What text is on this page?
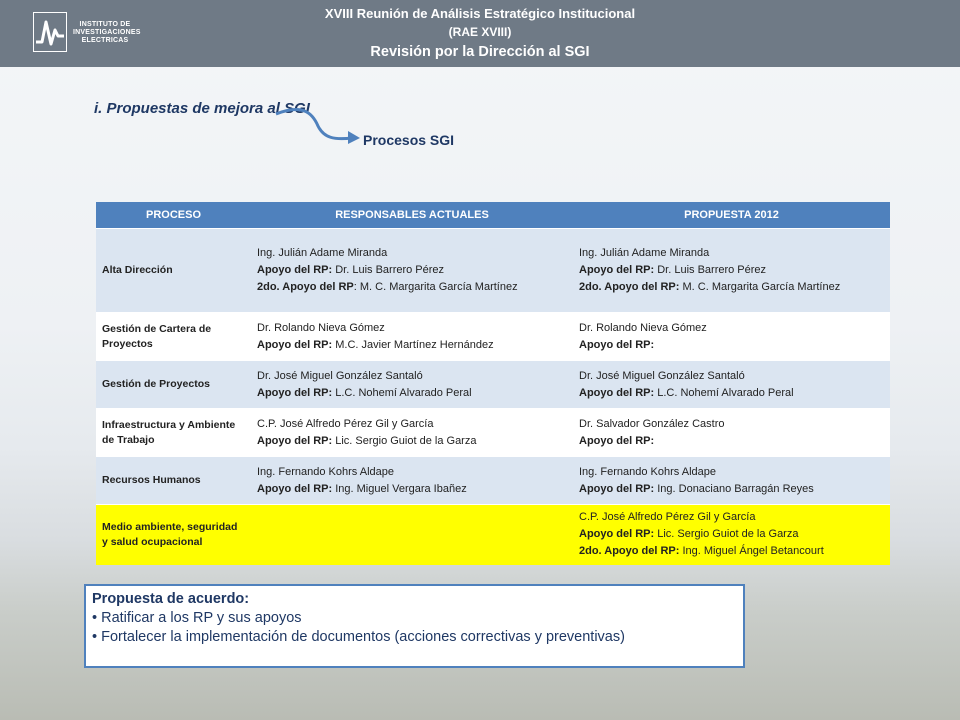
INSTITUTO DE INVESTIGACIONES ELECTRICAS
XVIII Reunión de Análisis Estratégico Institucional
(RAE XVIII)
Revisión por la Dirección al SGI
i. Propuestas de mejora al SGI
Procesos SGI
PROCESO	RESPONSABLES ACTUALES	PROPUESTA 2012
Alta Dirección	Ing. Julián Adame Miranda
Apoyo del RP: Dr. Luis Barrero Pérez
2do. Apoyo del RP: M. C. Margarita García Martínez	Ing. Julián Adame Miranda
Apoyo del RP: Dr. Luis Barrero Pérez
2do. Apoyo del RP: M. C. Margarita García Martínez

Gestión de Cartera de Proyectos	Dr. Rolando Nieva Gómez
Apoyo del RP: M.C. Javier Martínez Hernández	Dr. Rolando Nieva Gómez
Apoyo del RP:

Gestión de Proyectos	Dr. José Miguel González Santaló
Apoyo del RP: L.C. Nohemí Alvarado Peral	Dr. José Miguel González Santaló
Apoyo del RP: L.C. Nohemí Alvarado Peral

Infraestructura y Ambiente de Trabajo	C.P. José Alfredo Pérez Gil y García
Apoyo del RP: Lic. Sergio Guiot de la Garza	Dr. Salvador González Castro
Apoyo del RP:

Recursos Humanos	Ing. Fernando Kohrs Aldape
Apoyo del RP: Ing. Miguel Vergara Ibañez	Ing. Fernando Kohrs Aldape
Apoyo del RP: Ing. Donaciano Barragán Reyes

Medio ambiente, seguridad y salud ocupacional		C.P. José Alfredo Pérez Gil y García
Apoyo del RP: Lic. Sergio Guiot de la Garza
2do. Apoyo del RP: Ing. Miguel Ángel Betancourt
Propuesta de acuerdo:
• Ratificar a los RP y sus apoyos
• Fortalecer la implementación de documentos (acciones correctivas y preventivas)
